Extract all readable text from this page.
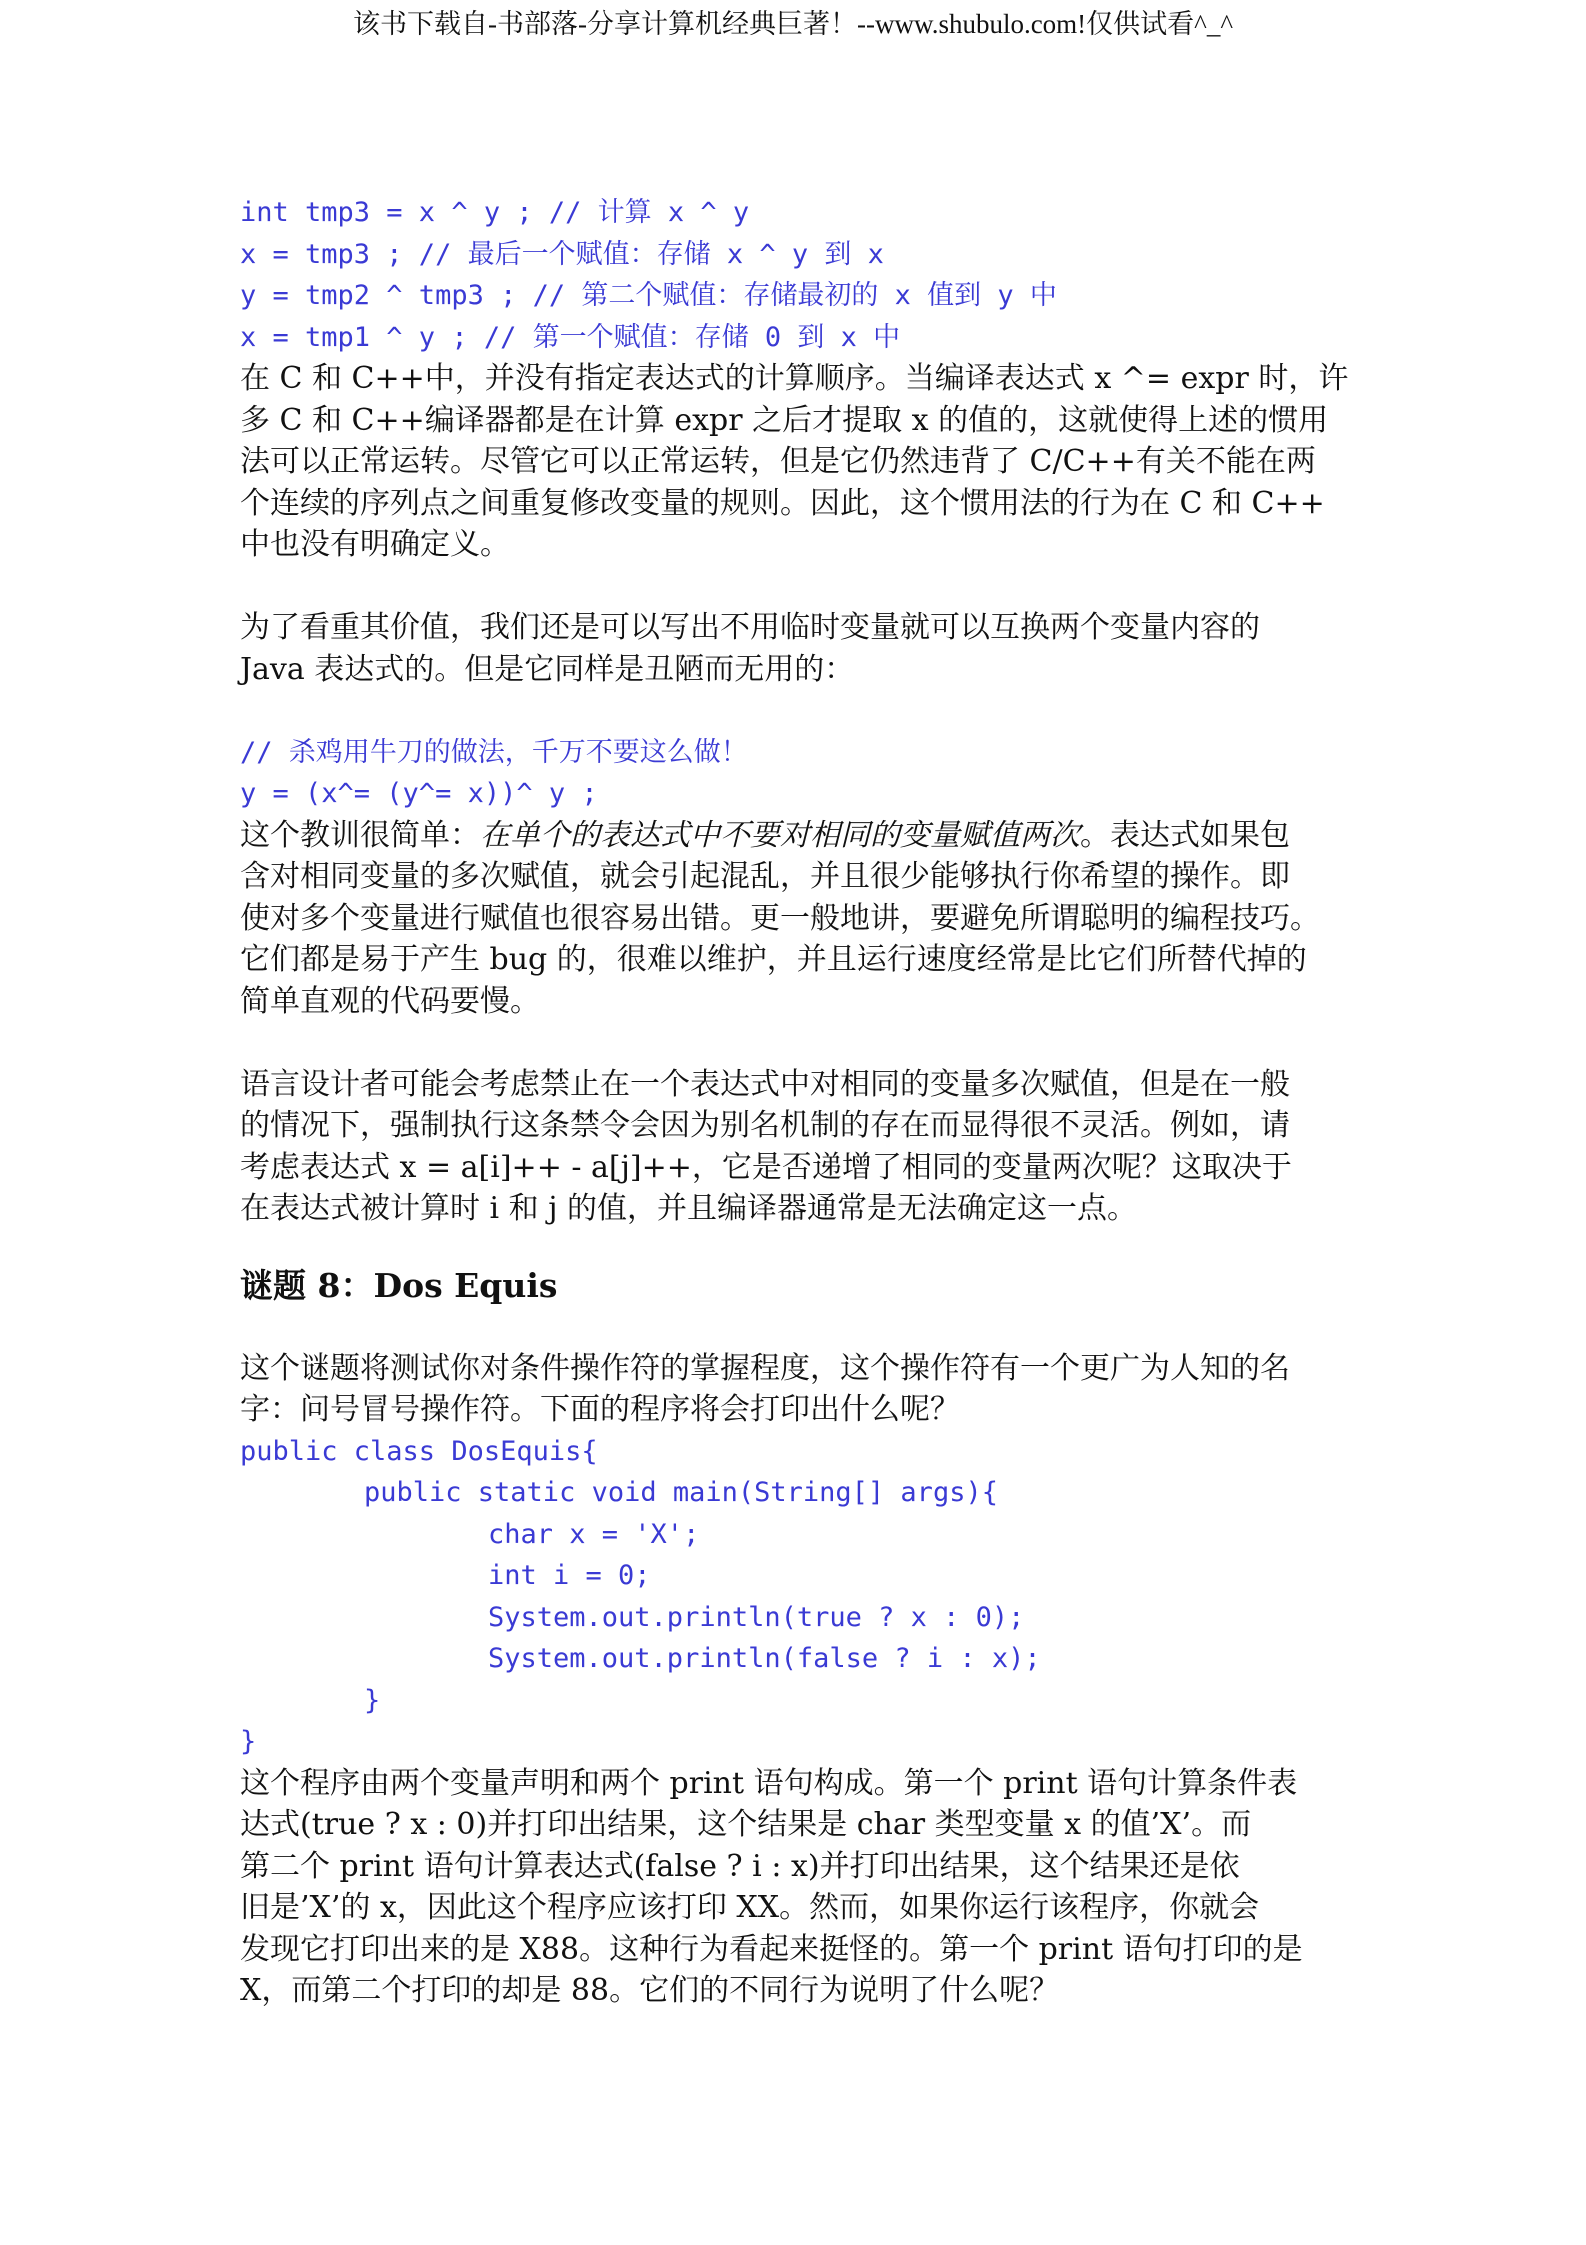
该书下载自-书部落-分享计算机经典巨著！--www.shubulo.com!仅供试看^_^
int tmp3 = x ^ y ; // 计算 x ^ y
x = tmp3 ; // 最后一个赋值：存储 x ^ y 到 x
y = tmp2 ^ tmp3 ; // 第二个赋值：存储最初的 x 值到 y 中
x = tmp1 ^ y ; // 第一个赋值：存储 0 到 x 中
在 C 和 C++中，并没有指定表达式的计算顺序。当编译表达式 x ^= expr 时，许
多 C 和 C++编译器都是在计算 expr 之后才提取 x 的值的，这就使得上述的惯用
法可以正常运转。尽管它可以正常运转，但是它仍然违背了 C/C++有关不能在两
个连续的序列点之间重复修改变量的规则。因此，这个惯用法的行为在 C 和 C++
中也没有明确定义。
为了看重其价值，我们还是可以写出不用临时变量就可以互换两个变量内容的
Java 表达式的。但是它同样是丑陋而无用的：
// 杀鸡用牛刀的做法，千万不要这么做！
y = (x^= (y^= x))^ y ;
这个教训很简单：在单个的表达式中不要对相同的变量赋值两次。表达式如果包
含对相同变量的多次赋值，就会引起混乱，并且很少能够执行你希望的操作。即
使对多个变量进行赋值也很容易出错。更一般地讲，要避免所谓聪明的编程技巧。
它们都是易于产生 bug 的，很难以维护，并且运行速度经常是比它们所替代掉的
简单直观的代码要慢。
语言设计者可能会考虑禁止在一个表达式中对相同的变量多次赋值，但是在一般
的情况下，强制执行这条禁令会因为别名机制的存在而显得很不灵活。例如，请
考虑表达式 x = a[i]++ - a[j]++，它是否递增了相同的变量两次呢？这取决于
在表达式被计算时 i 和 j 的值，并且编译器通常是无法确定这一点。
谜题 8：Dos Equis
这个谜题将测试你对条件操作符的掌握程度，这个操作符有一个更广为人知的名
字：问号冒号操作符。下面的程序将会打印出什么呢？
public class DosEquis{
public static void main(String[] args){
char x = 'X';
int i = 0;
System.out.println(true ? x : 0);
System.out.println(false ? i : x);
}
}
这个程序由两个变量声明和两个 print 语句构成。第一个 print 语句计算条件表
达式(true ? x : 0)并打印出结果，这个结果是 char 类型变量 x 的值’X’。而
第二个 print 语句计算表达式(false ? i : x)并打印出结果，这个结果还是依
旧是’X’的 x，因此这个程序应该打印 XX。然而，如果你运行该程序，你就会
发现它打印出来的是 X88。这种行为看起来挺怪的。第一个 print 语句打印的是
X，而第二个打印的却是 88。它们的不同行为说明了什么呢？
